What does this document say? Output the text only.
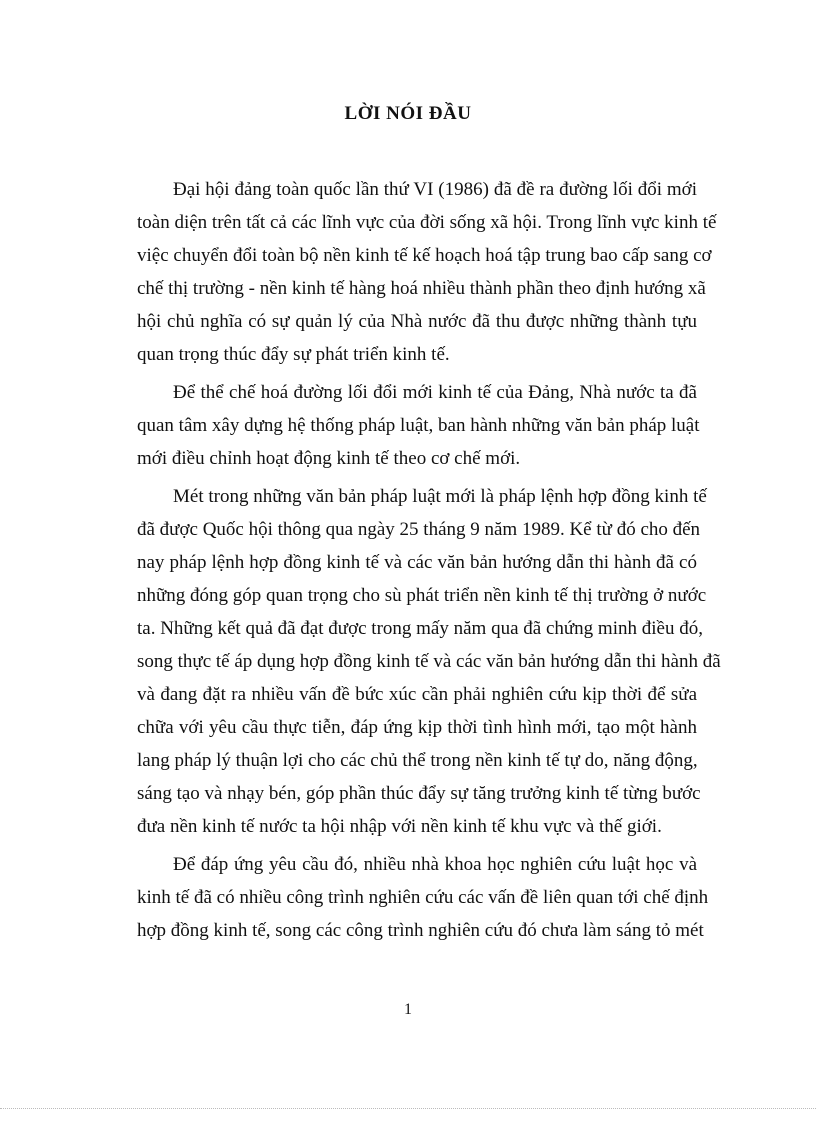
LỜI NÓI ĐẦU
Đại hội đảng toàn quốc lần thứ VI (1986) đã đề ra đường lối đổi mới
toàn diện trên tất cả các lĩnh vực của đời sống xã hội. Trong lĩnh vực kinh tế
việc chuyển đổi toàn bộ nền kinh tế kế hoạch hoá tập trung bao cấp sang cơ
chế thị trường - nền kinh tế hàng hoá nhiều thành phần theo định hướng xã
hội chủ nghĩa có sự quản lý của Nhà nước đã thu được những thành tựu
quan trọng thúc đẩy sự phát triển kinh tế.
Để thể chế hoá đường lối đổi mới kinh tế của Đảng, Nhà nước ta đã
quan tâm xây dựng hệ thống pháp luật, ban hành những văn bản pháp luật
mới điều chỉnh hoạt động kinh tế theo cơ chế mới.
Mét trong những văn bản pháp luật mới là pháp lệnh hợp đồng kinh tế
đã được Quốc hội thông qua ngày 25 tháng 9 năm 1989. Kể từ đó cho đến
nay pháp lệnh hợp đồng kinh tế và các văn bản hướng dẫn thi hành đã có
những đóng góp quan trọng cho sù phát triển nền kinh tế thị trường ở nước
ta. Những kết quả đã đạt được trong mấy năm qua đã chứng minh điều đó,
song thực tế áp dụng hợp đồng kinh tế và các văn bản hướng dẫn thi hành đã
và đang đặt ra nhiều vấn đề bức xúc cần phải nghiên cứu kịp thời để sửa
chữa với yêu cầu thực tiễn, đáp ứng kịp thời tình hình mới, tạo một hành
lang pháp lý thuận lợi cho các chủ thể trong nền kinh tế tự do, năng động,
sáng tạo và nhạy bén, góp phần thúc đẩy sự tăng trưởng kinh tế từng bước
đưa nền kinh tế nước ta hội nhập với nền kinh tế khu vực và thế giới.
Để đáp ứng yêu cầu đó, nhiều nhà khoa học nghiên cứu luật học và
kinh tế đã có nhiều công trình nghiên cứu các vấn đề liên quan tới chế định
hợp đồng kinh tế, song các công trình nghiên cứu đó chưa làm sáng tỏ mét
1
